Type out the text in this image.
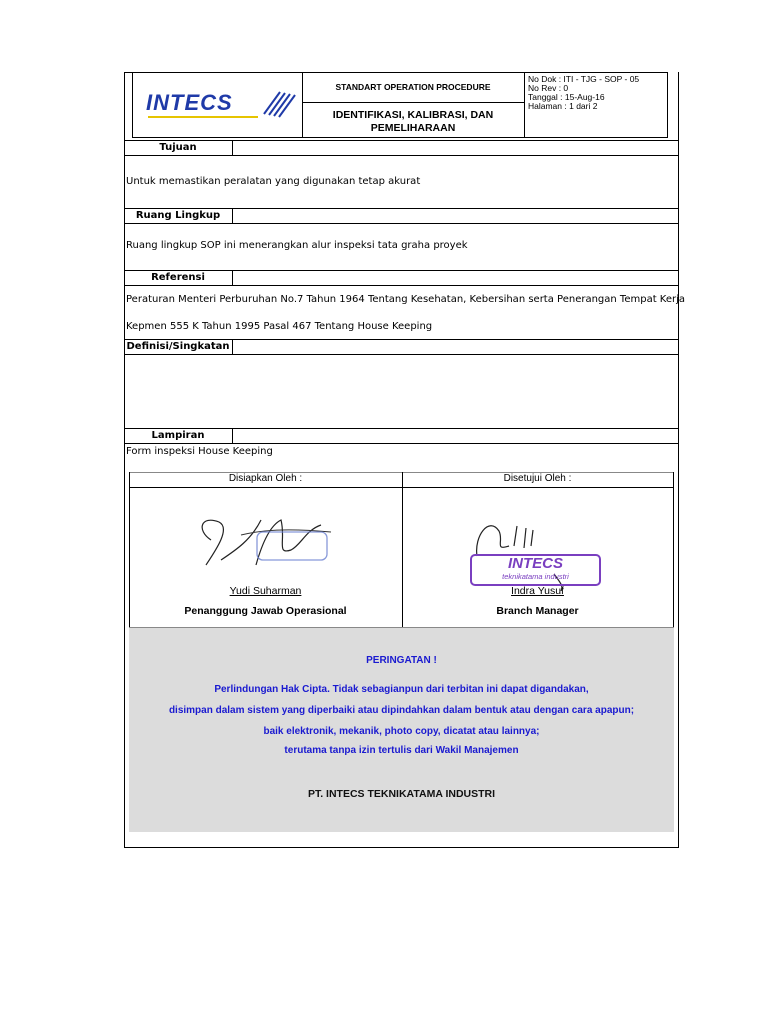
INTECS
STANDART OPERATION PROCEDURE
IDENTIFIKASI, KALIBRASI, DAN
PEMELIHARAAN
No Dok : ITI - TJG - SOP - 05
No Rev : 0
Tanggal : 15-Aug-16
Halaman : 1 dari 2
Tujuan
Untuk memastikan peralatan yang digunakan tetap akurat
Ruang Lingkup
Ruang lingkup SOP ini menerangkan alur inspeksi tata graha proyek
Referensi
Peraturan Menteri Perburuhan No.7 Tahun 1964 Tentang Kesehatan, Kebersihan serta Penerangan Tempat Kerja
Kepmen 555 K Tahun 1995 Pasal 467 Tentang House Keeping
Definisi/Singkatan
Lampiran
Form inspeksi House Keeping
Disiapkan Oleh :
Yudi Suharman
Penanggung Jawab Operasional
Disetujui Oleh :
INTECS
teknikatama industri
Indra Yusuf
Branch Manager
PERINGATAN !
Perlindungan Hak Cipta. Tidak sebagianpun dari terbitan ini dapat digandakan,
disimpan dalam sistem yang diperbaiki atau dipindahkan dalam bentuk atau dengan cara apapun;
baik elektronik, mekanik, photo copy, dicatat atau lainnya;
terutama tanpa izin tertulis dari Wakil Manajemen
PT. INTECS TEKNIKATAMA INDUSTRI
